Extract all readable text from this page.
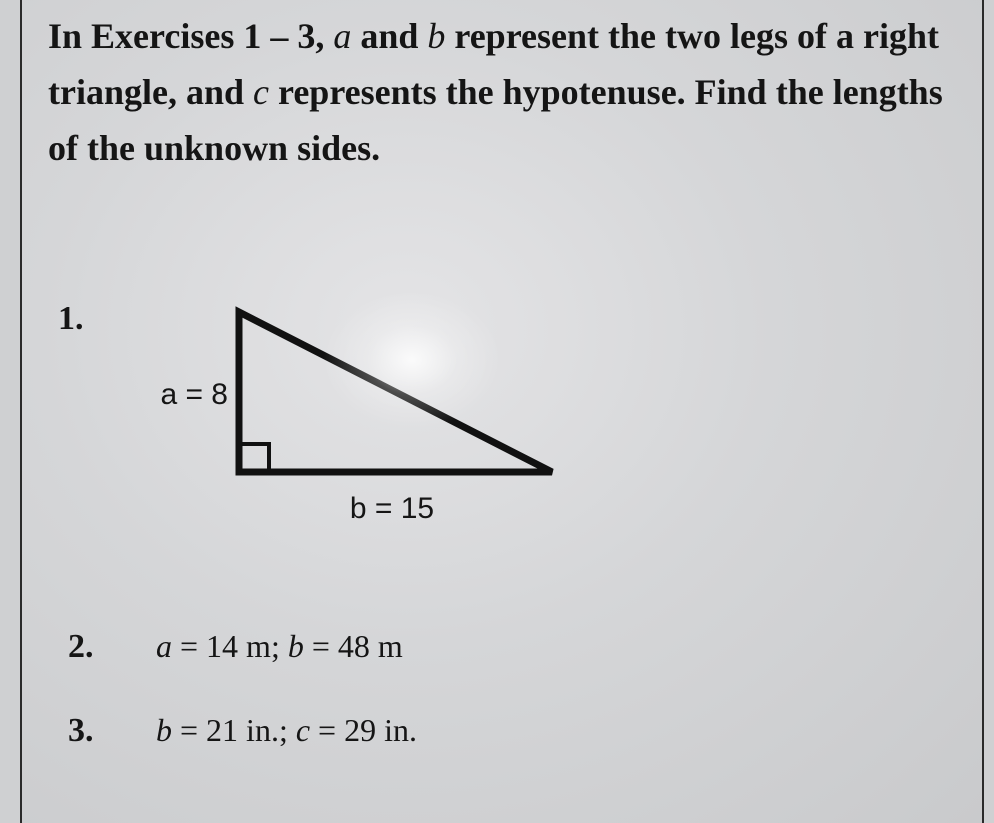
In Exercises 1 – 3, a and b represent the two legs of a right triangle, and c represents the hypotenuse. Find the lengths of the unknown sides.

1.
a = 8
b = 15
2. a = 14 m; b = 48 m
3. b = 21 in.; c = 29 in.
